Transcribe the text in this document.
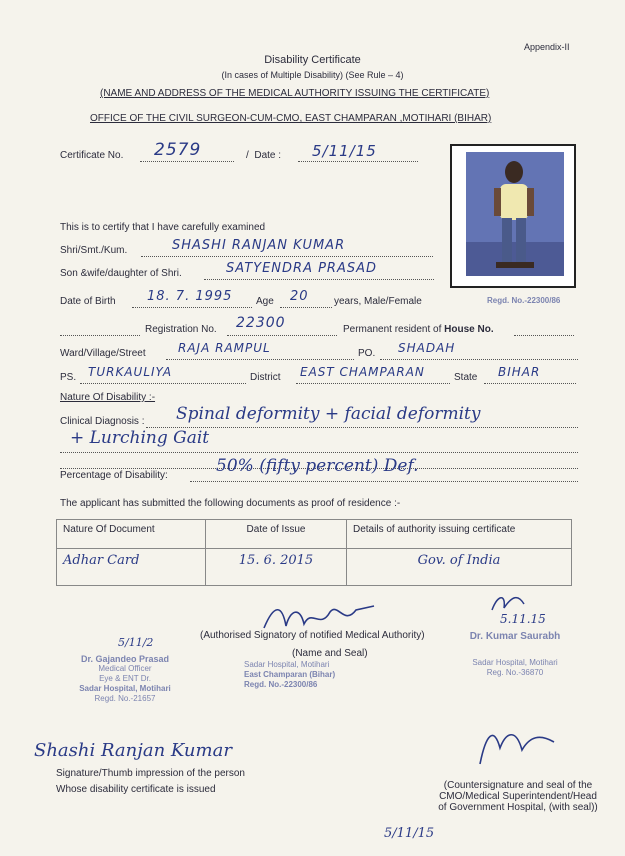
Appendix-II
Disability Certificate
(In cases of Multiple Disability) (See Rule – 4)
(NAME AND ADDRESS OF THE MEDICAL AUTHORITY ISSUING THE CERTIFICATE)
OFFICE OF THE CIVIL SURGEON-CUM-CMO, EAST CHAMPARAN ,MOTIHARI (BIHAR)
Certificate No. 2579	/  Date : 5/11/15
Regd. No.-22300/86
This is to certify that I have carefully examined
Shri/Smt./Kum.	SHASHI RANJAN KUMAR
Son &wife/daughter of Shri.	SATYENDRA PRASAD
Date of Birth 18. 7. 1995 Age 20	years, Male/Female
Registration No. 22300	Permanent resident of House No.
Ward/Village/Street	RAJA RAMPUL	PO. SHADAH
PS. TURKAULIYA	District EAST CHAMPARAN	State BIHAR
Nature Of Disability :-
Clinical Diagnosis : Spinal deformity + facial deformity
+ Lurching Gait
Percentage of Disability:	50% (fifty percent) Def.
The applicant has submitted the following documents as proof of residence :-
Nature Of Document	Date of Issue	Details of authority issuing certificate
Adhar Card	15. 6. 2015	Gov. of India
5.11.15
(Authorised Signatory of notified Medical Authority)
(Name and Seal)
5/11/2
Dr. Gajandeo Prasad
Medical Officer
Eye & ENT Dr.
Sadar Hospital, Motihari
Regd. No.-21657
Sadar Hospital, Motihari
East Champaran (Bihar)
Regd. No.-22300/86
Dr. Kumar Saurabh
Sadar Hospital, Motihari
Reg. No.-36870
Shashi Ranjan Kumar
Signature/Thumb impression of the person
Whose disability certificate is issued	(Countersignature and seal of the
CMO/Medical Superintendent/Head
of Government Hospital, (with seal))
5/11/15
